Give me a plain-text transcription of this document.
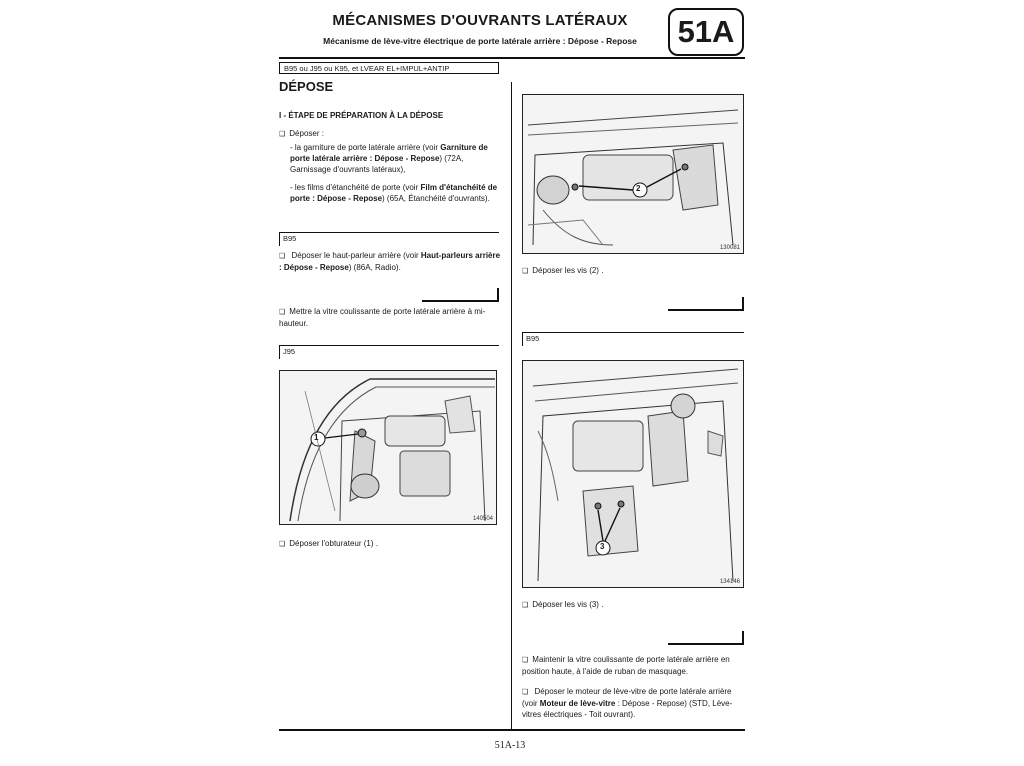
MÉCANISMES D'OUVRANTS LATÉRAUX
Mécanisme de lève-vitre électrique de porte latérale arrière : Dépose - Repose	51A
B95 ou J95 ou K95, et LVEAR EL+IMPUL+ANTIP
DÉPOSE
I - ÉTAPE DE PRÉPARATION À LA DÉPOSE
❑ Déposer :
- la garniture de porte latérale arrière (voir Garniture de porte latérale arrière : Dépose - Repose) (72A, Garnissage d'ouvrants latéraux),
- les films d'étanchéité de porte (voir Film d'étanchéité de porte : Dépose - Repose) (65A, Étanchéité d'ouvrants).
B95
❑ Déposer le haut-parleur arrière (voir Haut-parleurs arrière : Dépose - Repose) (86A, Radio).
❑ Mettre la vitre coulissante de porte latérale arrière à mi-hauteur.
J95
1
140504
❑ Déposer l'obturateur (1) .
2
130081
❑ Déposer les vis (2) .
B95
3
134146
❑ Déposer les vis (3) .
❑ Maintenir la vitre coulissante de porte latérale arrière en position haute, à l'aide de ruban de masquage.
❑ Déposer le moteur de lève-vitre de porte latérale arrière (voir Moteur de lève-vitre : Dépose - Repose) (STD, Lève-vitres électriques - Toit ouvrant).
51A-13
